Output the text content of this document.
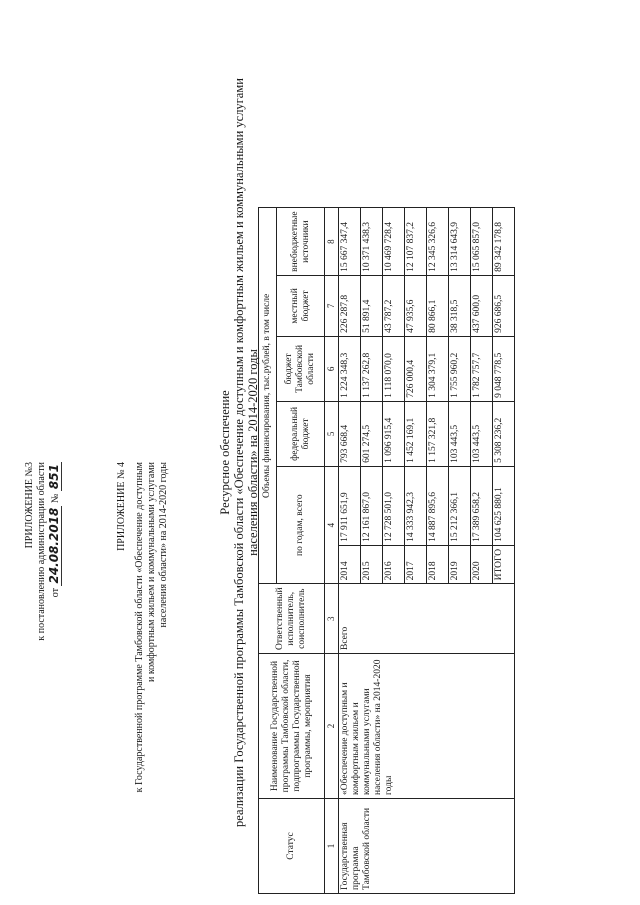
ПРИЛОЖЕНИЕ №3 к постановлению администрации области от 24.08.2018 № 851	ПРИЛОЖЕНИЕ № 4 к Государственной программе Тамбовской области «Обеспечение доступным и комфортным жильем и коммунальными услугами населения области» на 2014-2020 годы
Ресурсное обеспечение реализации Государственной программы Тамбовской области «Обеспечение доступным и комфортным жильем и коммунальными услугами населения области» на 2014-2020 годы
Статус	Наименование Государственной программы Тамбовской области, подпрограммы Государственной программы, мероприятия	Ответственный исполнитель, соисполнитель	Объемы финансирования, тыс.рублей, в том числе					
			по годам, всего		федеральный бюджет	бюджет Тамбовской области	местный бюджет	внебюджетные источники
1	2	3	4		5	6	7	8
Государственная программа Тамбовской области	«Обеспечение доступным и комфортным жильем и коммунальными услугами населения области» на 2014-2020 годы	Всего	2014	17 911 651,9	793 668,4	1 224 348,3	226 287,8	15 667 347,4
			2015	12 161 867,0	601 274,5	1 137 262,8	51 891,4	10 371 438,3
			2016	12 728 501,0	1 096 915,4	1 118 070,0	43 787,2	10 469 728,4
			2017	14 333 942,3	1 452 169,1	726 000,4	47 935,6	12 107 837,2
			2018	14 887 895,6	1 157 321,8	1 304 379,1	80 866,1	12 345 326,6
			2019	15 212 366,1	103 443,5	1 755 960,2	38 318,5	13 314 643,9
			2020	17 389 658,2	103 443,5	1 782 757,7	437 600,0	15 065 857,0
			ИТОГО	104 625 880,1	5 308 236,2	9 048 778,5	926 686,5	89 342 178,8
